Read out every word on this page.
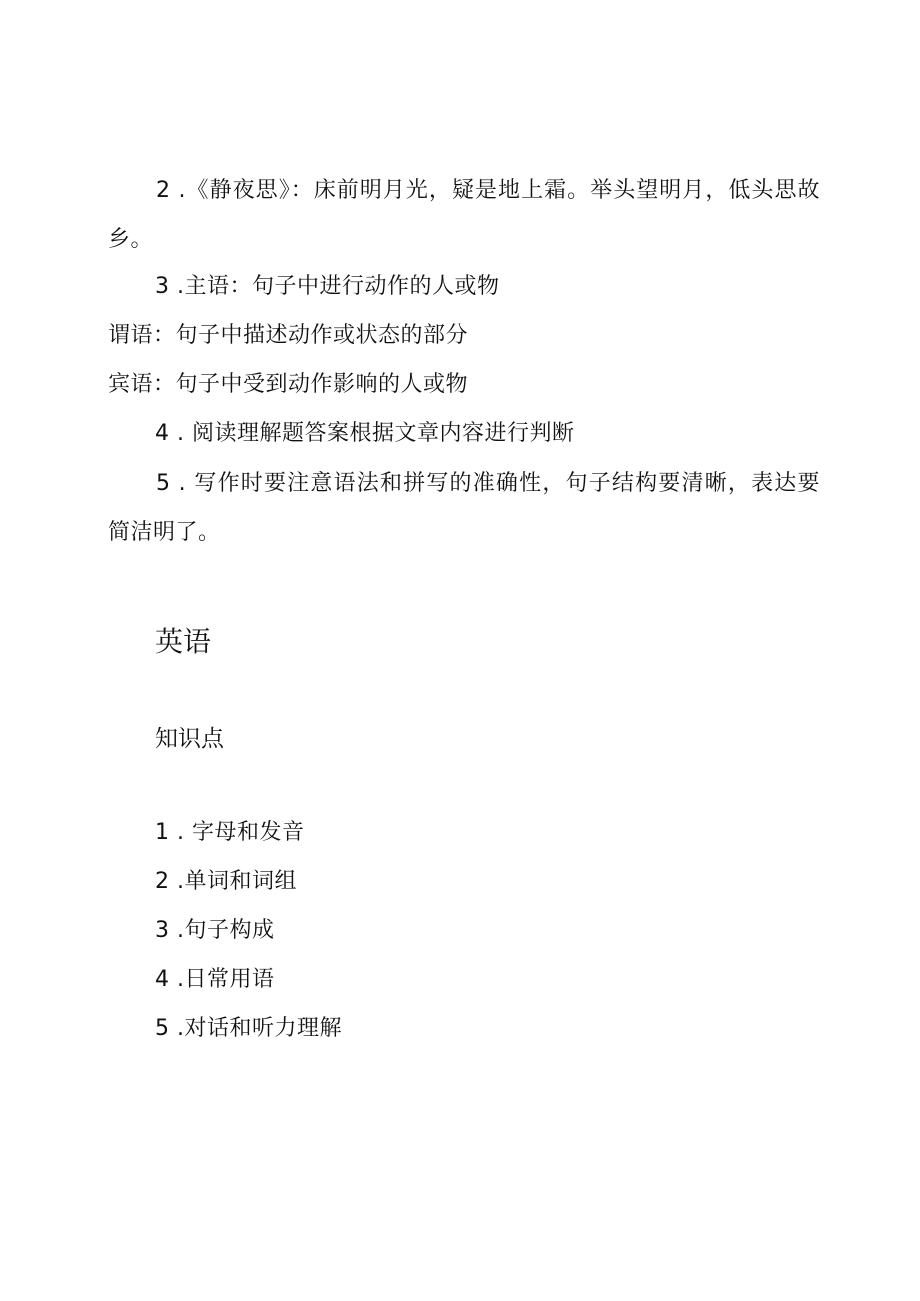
2 .《静夜思》：床前明月光，疑是地上霜。举头望明月，低头思故乡。
3 .主语：句子中进行动作的人或物
谓语：句子中描述动作或状态的部分
宾语：句子中受到动作影响的人或物
4 . 阅读理解题答案根据文章内容进行判断
5 . 写作时要注意语法和拼写的准确性，句子结构要清晰，表达要简洁明了。
英语
知识点
1 . 字母和发音
2 .单词和词组
3 .句子构成
4 .日常用语
5 .对话和听力理解
